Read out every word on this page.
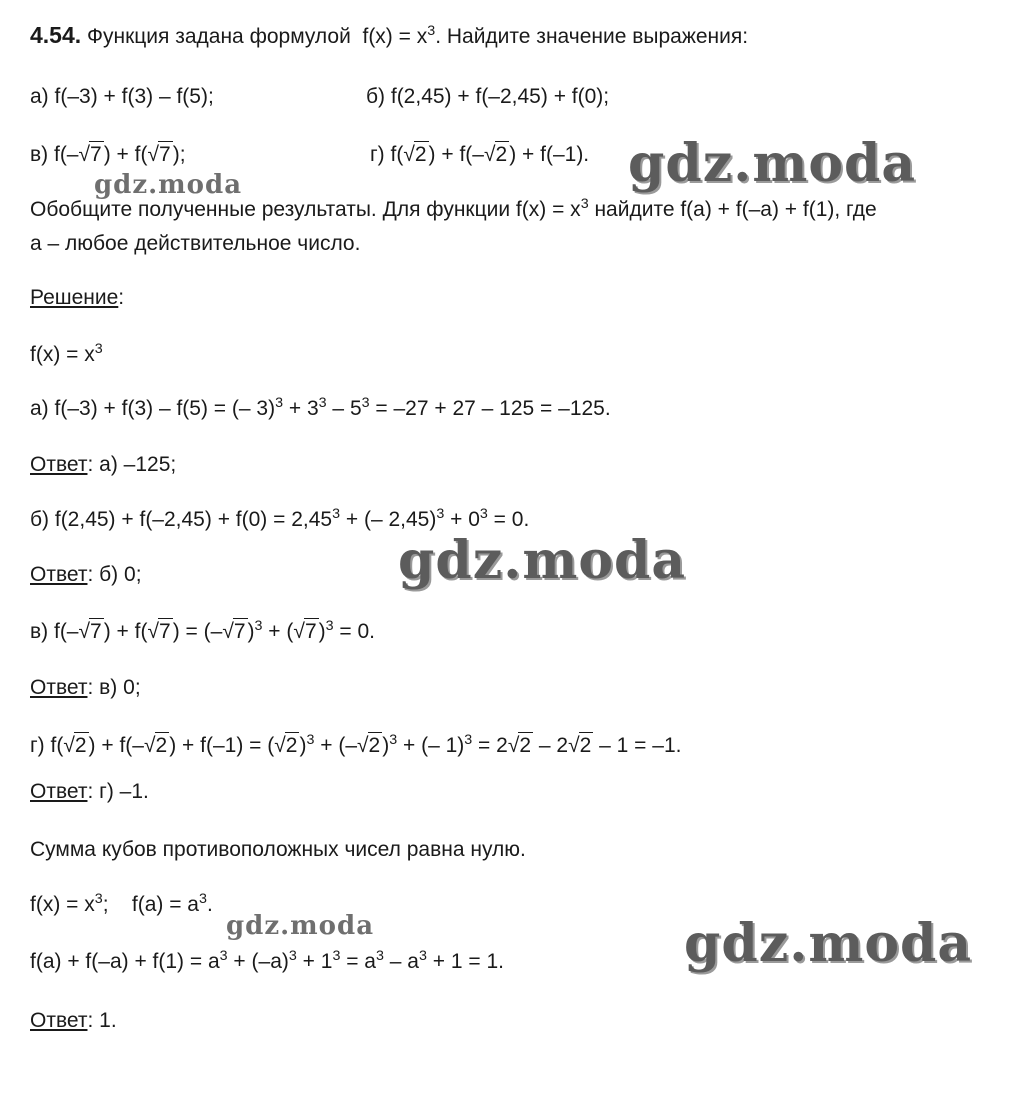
4.54. Функция задана формулой $f(x) = x^3$. Найдите значение выражения:
а) f(–3) + f(3) – f(5);	б) f(2,45) + f(–2,45) + f(0);
в) f(–√7) + f(√7);	г) f(√2) + f(–√2) + f(–1).
Обобщите полученные результаты. Для функции $f(x) = x^3$ найдите f(a) + f(–a) + f(1), где
a – любое действительное число.
Решение:
$f(x) = x^3$
а) f(–3) + f(3) – f(5) = (– $3)^3 + 3^3 - 5^3 = -27 + 27 - 125 = -125$.
Ответ: а) –125;
б) $f(2,45) + f(-2,45) + f(0) = 2,45^3$ + (– $2,45)^3 + 0^3 = 0$.
Ответ: б) 0;
в) $f(-√7) + f(√7) = (-√7)^3 + (√7)^3 = 0$.
Ответ: в) 0;
г) $f(√2) + f(-√2) + f(-1) = (√2)^3 + (-√2)^3$ + (– 1)$^3$ = 2√2 – 2√2 – 1 = –1.
Ответ: г) –1.
Сумма кубов противоположных чисел равна нулю.
$f(x) = x^3$;    $f(a) = a^3$.
$f(a) + f(-a) + f(1) = a^3 + (-a)^3 + 1^3 = a^3 - a^3 + 1 = 1$.
Ответ: 1.
gdz.moda
gdz.moda
gdz.moda
gdz.moda	gdz.moda
